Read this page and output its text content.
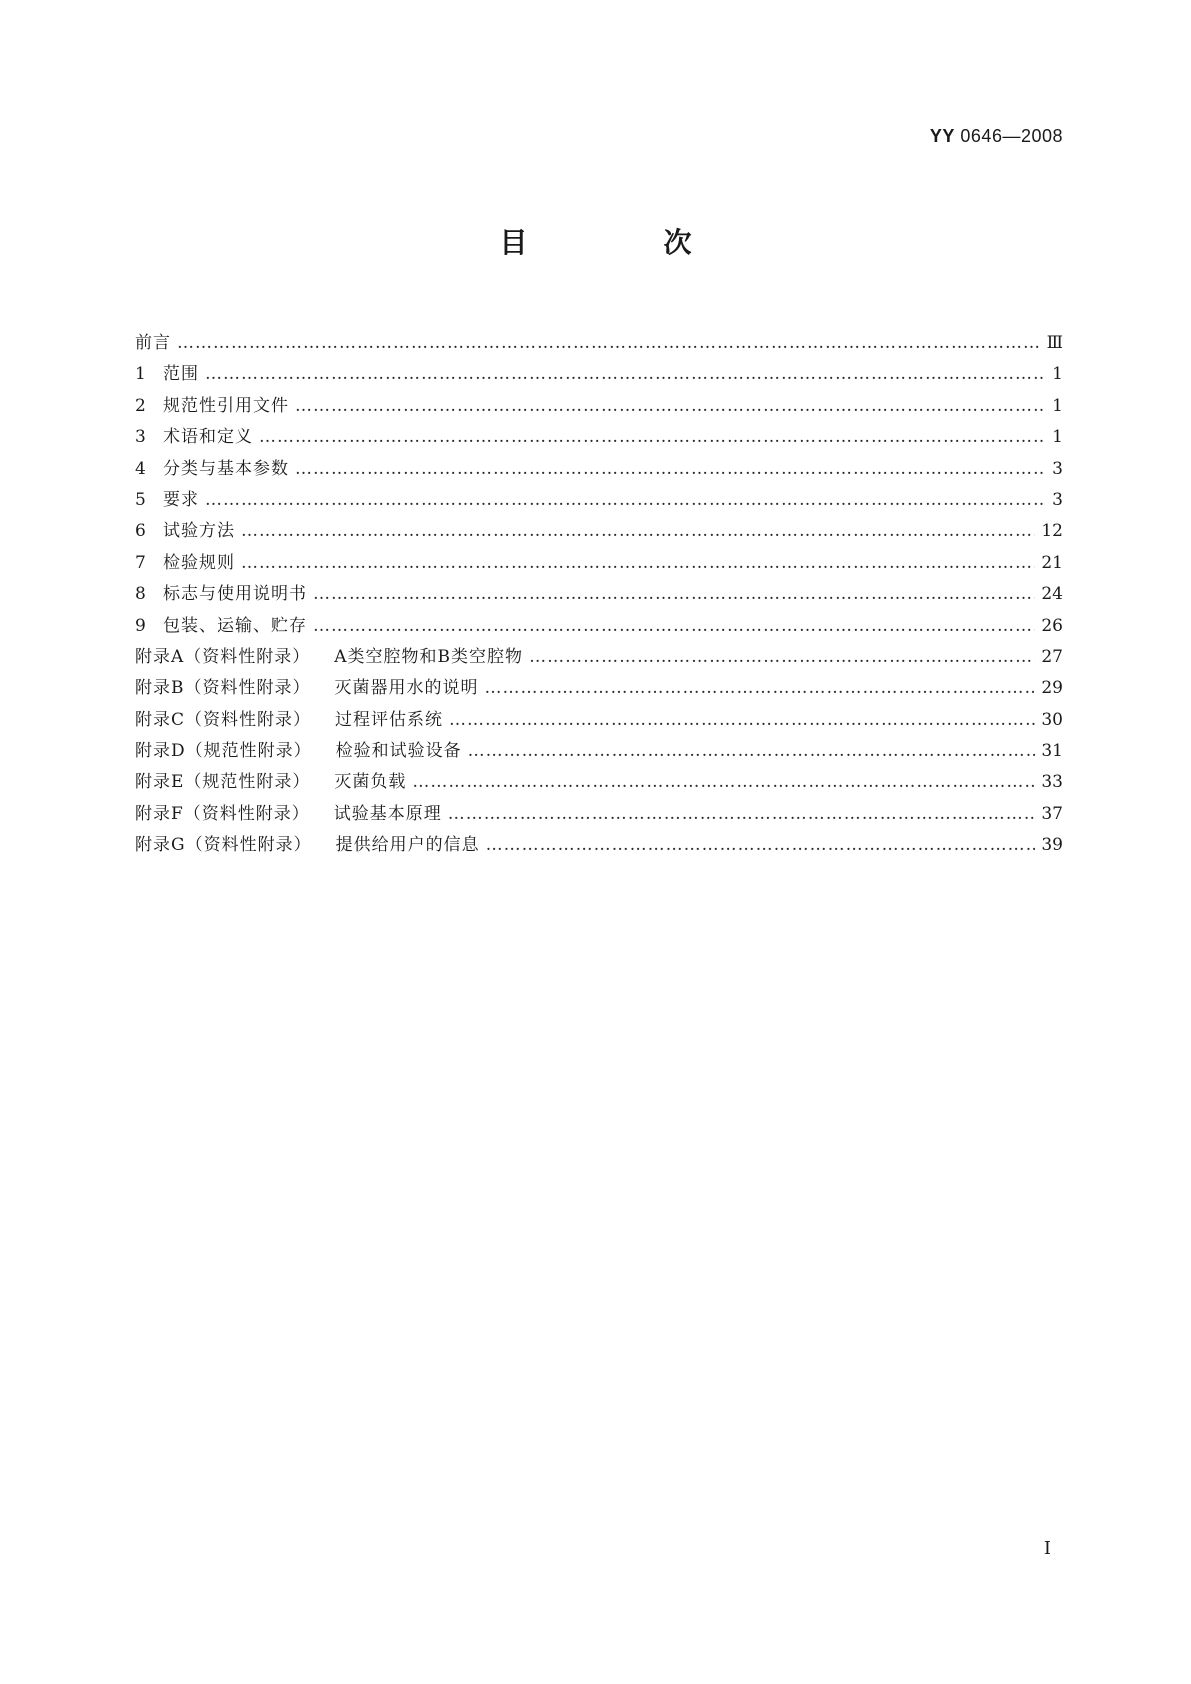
YY 0646—2008
目　次
前言 ……………………………………………………………………………………………………………………………………………………………………………………………………………………………	Ⅲ
1	范围 ……………………………………………………………………………………………………………………………………………………………………………………………………………………………	1
2	规范性引用文件 ……………………………………………………………………………………………………………………………………………………………………………………………………………………………	1
3	术语和定义 ……………………………………………………………………………………………………………………………………………………………………………………………………………………………	1
4	分类与基本参数 ……………………………………………………………………………………………………………………………………………………………………………………………………………………………	3
5	要求 ……………………………………………………………………………………………………………………………………………………………………………………………………………………………	3
6	试验方法 ……………………………………………………………………………………………………………………………………………………………………………………………………………………………	12
7	检验规则 ……………………………………………………………………………………………………………………………………………………………………………………………………………………………	21
8	标志与使用说明书 ……………………………………………………………………………………………………………………………………………………………………………………………………………………………	24
9	包装、运输、贮存 ……………………………………………………………………………………………………………………………………………………………………………………………………………………………	26
附录A（资料性附录） A类空腔物和B类空腔物 ……………………………………………………………………………………………………………………………………………………………………………………………………………………………	27
附录B（资料性附录） 灭菌器用水的说明 ……………………………………………………………………………………………………………………………………………………………………………………………………………………………	29
附录C（资料性附录） 过程评估系统 ……………………………………………………………………………………………………………………………………………………………………………………………………………………………	30
附录D（规范性附录） 检验和试验设备 ……………………………………………………………………………………………………………………………………………………………………………………………………………………………	31
附录E（规范性附录） 灭菌负载 ……………………………………………………………………………………………………………………………………………………………………………………………………………………………	33
附录F（资料性附录） 试验基本原理 ……………………………………………………………………………………………………………………………………………………………………………………………………………………………	37
附录G（资料性附录） 提供给用户的信息 ……………………………………………………………………………………………………………………………………………………………………………………………………………………………	39
I
